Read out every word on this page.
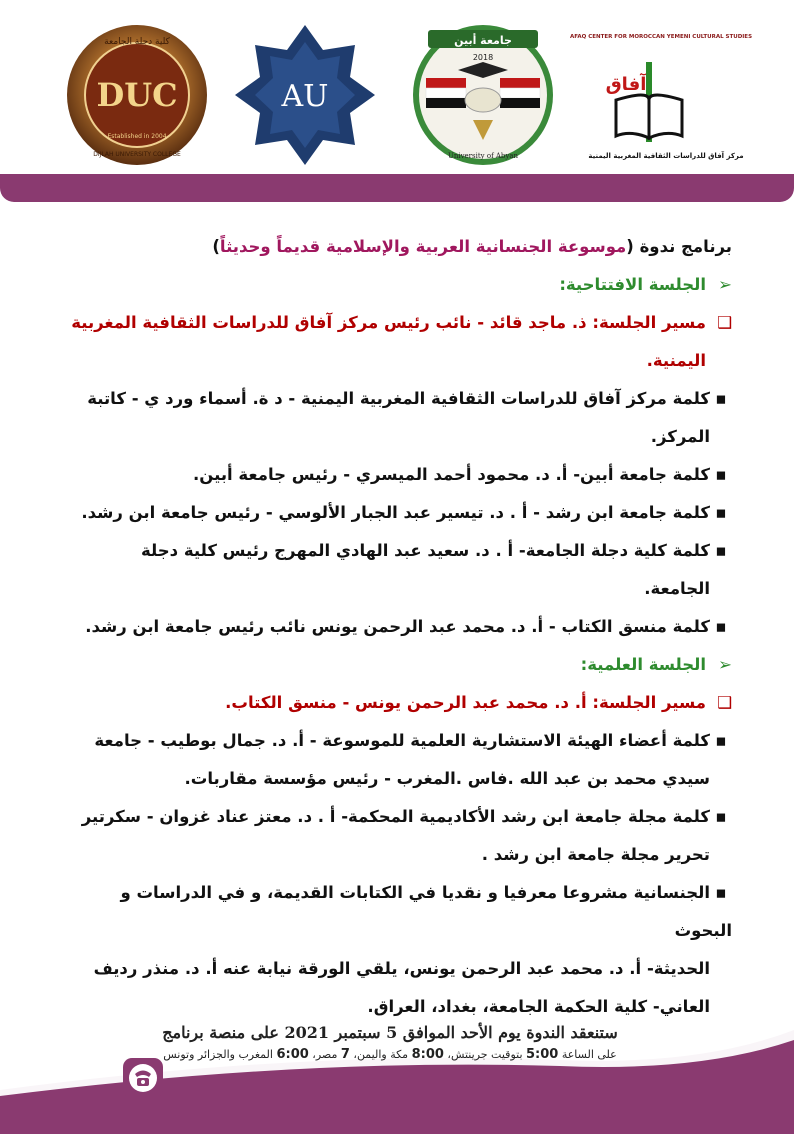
كلية دجلة الجامعة
DUC
Established in 2004
DIJLAH UNIVERSITY COLLEGE
AU
جامعة أبين
2018
University of Abyan
AFAQ CENTER FOR MOROCCAN YEMENI CULTURAL STUDIES
آفاق
مركز آفاق للدراسات الثقافية المغربية اليمنية
برنامج ندوة (موسوعة الجنسانية العربية والإسلامية قديماً وحديثاً)
➢الجلسة الافتتاحية:
❑مسير الجلسة: ذ. ماجد قائد - نائب رئيس مركز آفاق للدراسات الثقافية المغربية
اليمنية.
▪كلمة مركز آفاق للدراسات الثقافية المغربية اليمنية - د ة. أسماء ورد ي - كاتبة
المركز.
▪كلمة جامعة أبين- أ. د. محمود أحمد الميسري - رئيس جامعة أبين.
▪كلمة جامعة ابن رشد - أ . د. تيسير عبد الجبار الألوسي - رئيس جامعة ابن رشد.
▪كلمة كلية دجلة الجامعة- أ . د. سعيد عبد الهادي المهرج رئيس كلية دجلة
الجامعة.
▪كلمة منسق الكتاب - أ. د. محمد عبد الرحمن يونس نائب رئيس جامعة ابن رشد.
➢الجلسة العلمية:
❑مسير الجلسة: أ. د. محمد عبد الرحمن يونس - منسق الكتاب.
▪كلمة أعضاء الهيئة الاستشارية العلمية للموسوعة - أ. د. جمال بوطيب - جامعة
سيدي محمد بن عبد الله .فاس .المغرب - رئيس مؤسسة مقاربات.
▪كلمة مجلة جامعة ابن رشد الأكاديمية المحكمة- أ . د. معتز عناد غزوان - سكرتير
تحرير مجلة جامعة ابن رشد .
▪الجنسانية مشروعا معرفيا و نقديا في الكتابات القديمة، و في الدراسات و البحوث
الحديثة- أ. د. محمد عبد الرحمن يونس، يلقي الورقة نيابة عنه أ. د. منذر رديف
العاني- كلية الحكمة الجامعة، بغداد، العراق.
ستنعقد الندوة يوم الأحد الموافق 5 سبتمبر 2021 على منصة برنامج
على الساعة 5:00 بتوقيت جرينتش، 8:00 مكة واليمن، 7 مصر، 6:00 المغرب والجزائر وتونس
